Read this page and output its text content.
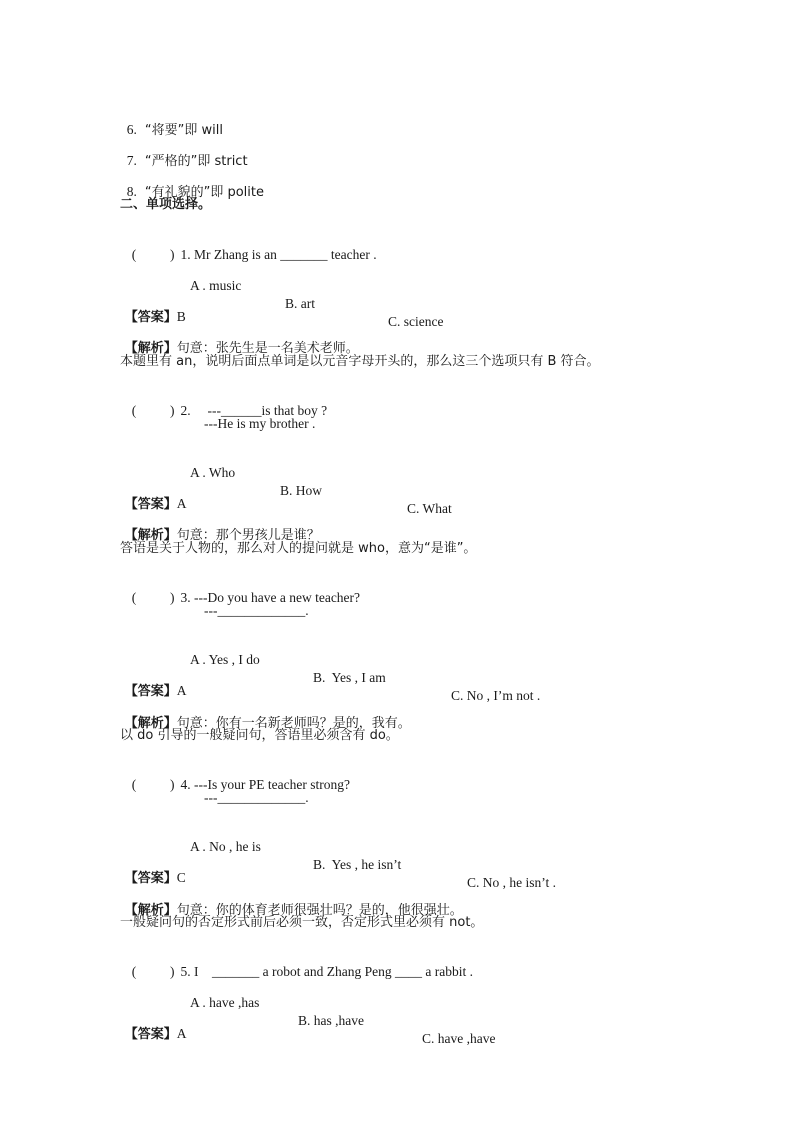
6. “将要”即 will

7. “严格的”即 strict

8. “有礼貌的”即 polite

二、单项选择。

(          ) 1. Mr Zhang is an _______ teacher .

A . music

B. art

C. science

【答案】B

【解析】句意：张先生是一名美术老师。

本题里有 an，说明后面点单词是以元音字母开头的，那么这三个选项只有 B 符合。

(          ) 2.     ---______is that boy ?

---He is my brother .

A . Who

B. How

C. What

【答案】A

【解析】句意：那个男孩儿是谁？

答语是关于人物的，那么对人的提问就是 who，意为“是谁”。

(          ) 3. ---Do you have a new teacher?

---_____________.

A . Yes , I do

B.  Yes , I am

C. No , I’m not .

【答案】A

【解析】句意：你有一名新老师吗？是的，我有。

以 do 引导的一般疑问句，答语里必须含有 do。

(          ) 4. ---Is your PE teacher strong?

---_____________.

A . No , he is

B.  Yes , he isn’t

C. No , he isn’t .

【答案】C

【解析】句意：你的体育老师很强壮吗？是的，他很强壮。

一般疑问句的否定形式前后必须一致，否定形式里必须有 not。

(          ) 5. I    _______ a robot and Zhang Peng ____ a rabbit .

A . have ,has

B. has ,have

C. have ,have

【答案】A
